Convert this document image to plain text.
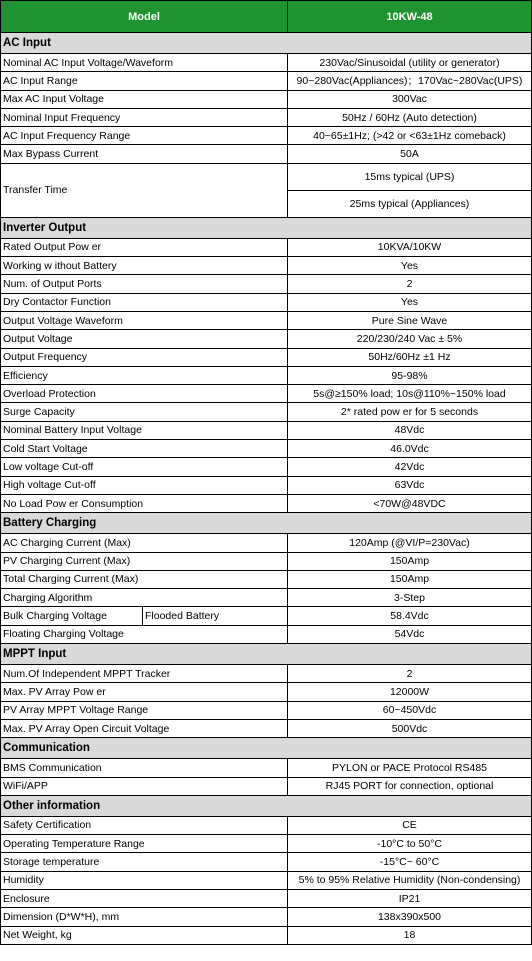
Model		10KW-48
AC Input		
Nominal AC Input Voltage/Waveform		230Vac/Sinusoidal (utility or generator)
AC Input Range		90~280Vac(Appliances)；170Vac~280Vac(UPS)
Max AC Input Voltage		300Vac
Nominal Input Frequency		50Hz / 60Hz (Auto detection)
AC Input Frequency Range		40~65±1Hz; (>42 or <63±1Hz comeback)
Max Bypass Current		50A
Transfer Time		15ms typical (UPS)
		25ms typical (Appliances)
Inverter Output		
Rated Output Pow er		10KVA/10KW
Working w ithout Battery		Yes
Num. of Output Ports		2
Dry Contactor Function		Yes
Output Voltage Waveform		Pure Sine Wave
Output Voltage		220/230/240 Vac ± 5%
Output Frequency		50Hz/60Hz ±1 Hz
Efficiency		95-98%
Overload Protection		5s@≥150% load; 10s@110%~150% load
Surge Capacity		2* rated pow er for 5 seconds
Nominal Battery Input Voltage		48Vdc
Cold Start Voltage		46.0Vdc
Low voltage Cut-off		42Vdc
High voltage Cut-off		63Vdc
No Load Pow er Consumption		<70W@48VDC
Battery Charging		
AC Charging Current (Max)		120Amp (@VI/P=230Vac)
PV Charging Current (Max)		150Amp
Total Charging Current (Max)		150Amp
Charging Algorithm		3-Step
Bulk Charging Voltage	Flooded Battery	58.4Vdc
Floating Charging Voltage		54Vdc
MPPT Input		
Num.Of Independent MPPT Tracker		2
Max. PV Array Pow er		12000W
PV Array MPPT Voltage Range		60~450Vdc
Max. PV Array Open Circuit Voltage		500Vdc
Communication		
BMS Communication		PYLON or PACE Protocol RS485
WiFi/APP		RJ45 PORT for connection, optional
Other information		
Safety Certification		CE
Operating Temperature Range		-10°C to 50°C
Storage temperature		-15°C~ 60°C
Humidity		5% to 95% Relative Humidity (Non-condensing)
Enclosure		IP21
Dimension (D*W*H), mm		138x390x500
Net Weight, kg		18
